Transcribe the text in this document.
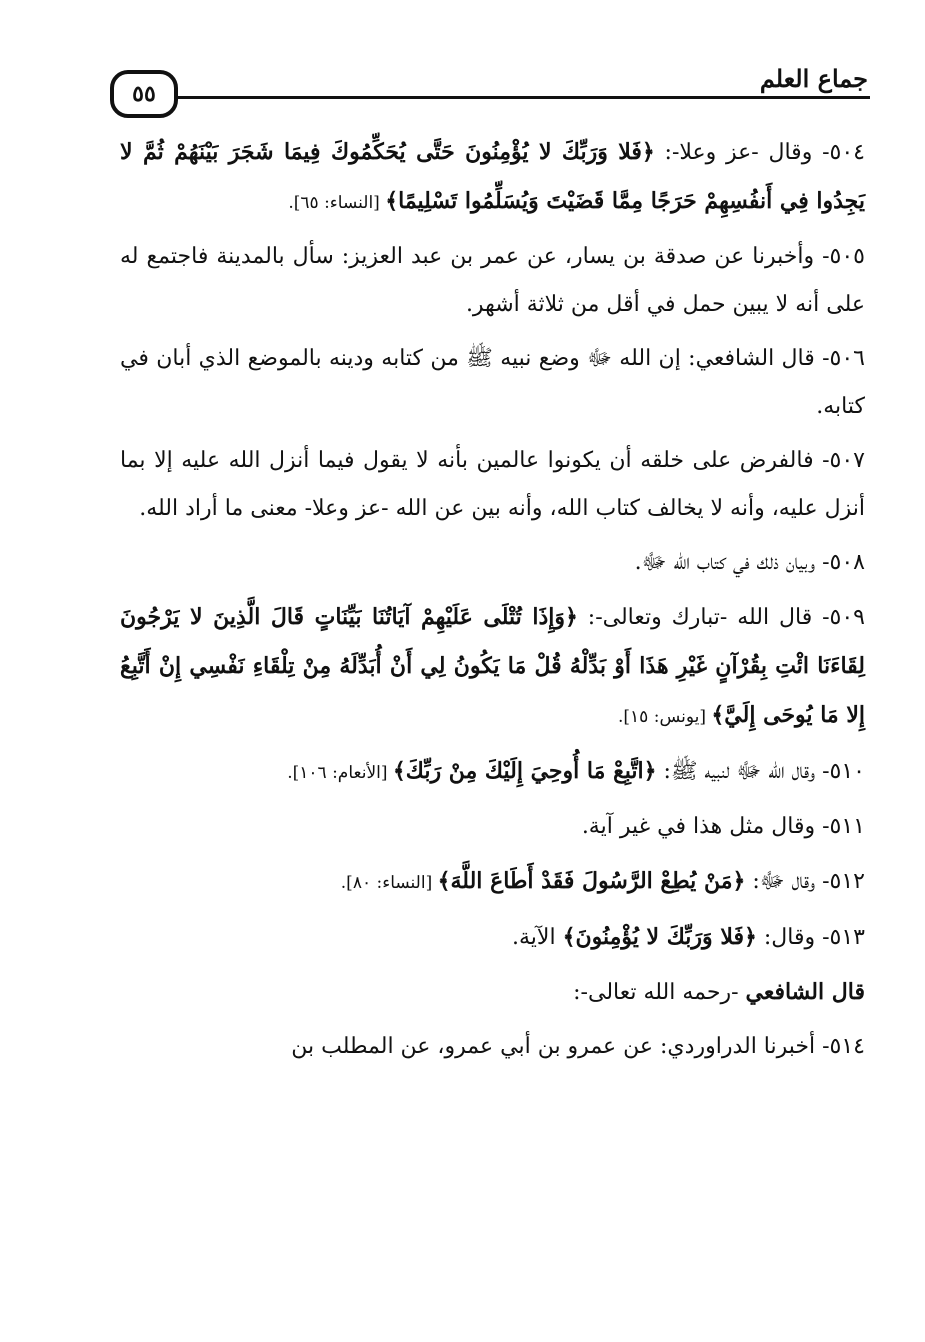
٥٥
جماع العلم

٥٠٤- وقال -عز وعلا-: ﴿فَلا وَرَبِّكَ لا يُؤْمِنُونَ حَتَّى يُحَكِّمُوكَ فِيمَا شَجَرَ بَيْنَهُمْ ثُمَّ لا يَجِدُوا فِي أَنفُسِهِمْ حَرَجًا مِمَّا قَضَيْتَ وَيُسَلِّمُوا تَسْلِيمًا﴾ [النساء: ٦٥].

٥٠٥- وأخبرنا عن صدقة بن يسار، عن عمر بن عبد العزيز: سأل بالمدينة فاجتمع له على أنه لا يبين حمل في أقل من ثلاثة أشهر.

٥٠٦- قال الشافعي: إن الله ﷻ وضع نبيه ﷺ من كتابه ودينه بالموضع الذي أبان في كتابه.

٥٠٧- فالفرض على خلقه أن يكونوا عالمين بأنه لا يقول فيما أنزل الله عليه إلا بما أنزل عليه، وأنه لا يخالف كتاب الله، وأنه بين عن الله -عز وعلا- معنى ما أراد الله.

٥٠٨- وبيان ذلك في كتاب الله ﷻ.

٥٠٩- قال الله -تبارك وتعالى-: ﴿وَإِذَا تُتْلَى عَلَيْهِمْ آيَاتُنَا بَيِّنَاتٍ قَالَ الَّذِينَ لا يَرْجُونَ لِقَاءَنَا ائْتِ بِقُرْآنٍ غَيْرِ هَذَا أَوْ بَدِّلْهُ قُلْ مَا يَكُونُ لِي أَنْ أُبَدِّلَهُ مِنْ تِلْقَاءِ نَفْسِي إِنْ أَتَّبِعُ إِلا مَا يُوحَى إِلَيَّ﴾ [يونس: ١٥].

٥١٠- وقال الله ﷻ لنبيه ﷺ: ﴿اتَّبِعْ مَا أُوحِيَ إِلَيْكَ مِنْ رَبِّكَ﴾ [الأنعام: ١٠٦].

٥١١- وقال مثل هذا في غير آية.

٥١٢- وقال ﷻ: ﴿مَنْ يُطِعْ الرَّسُولَ فَقَدْ أَطَاعَ اللَّهَ﴾ [النساء: ٨٠].

٥١٣- وقال: ﴿فَلا وَرَبِّكَ لا يُؤْمِنُونَ﴾ الآية.

قال الشافعي -رحمه الله تعالى-:

٥١٤- أخبرنا الدراوردي: عن عمرو بن أبي عمرو، عن المطلب بن
